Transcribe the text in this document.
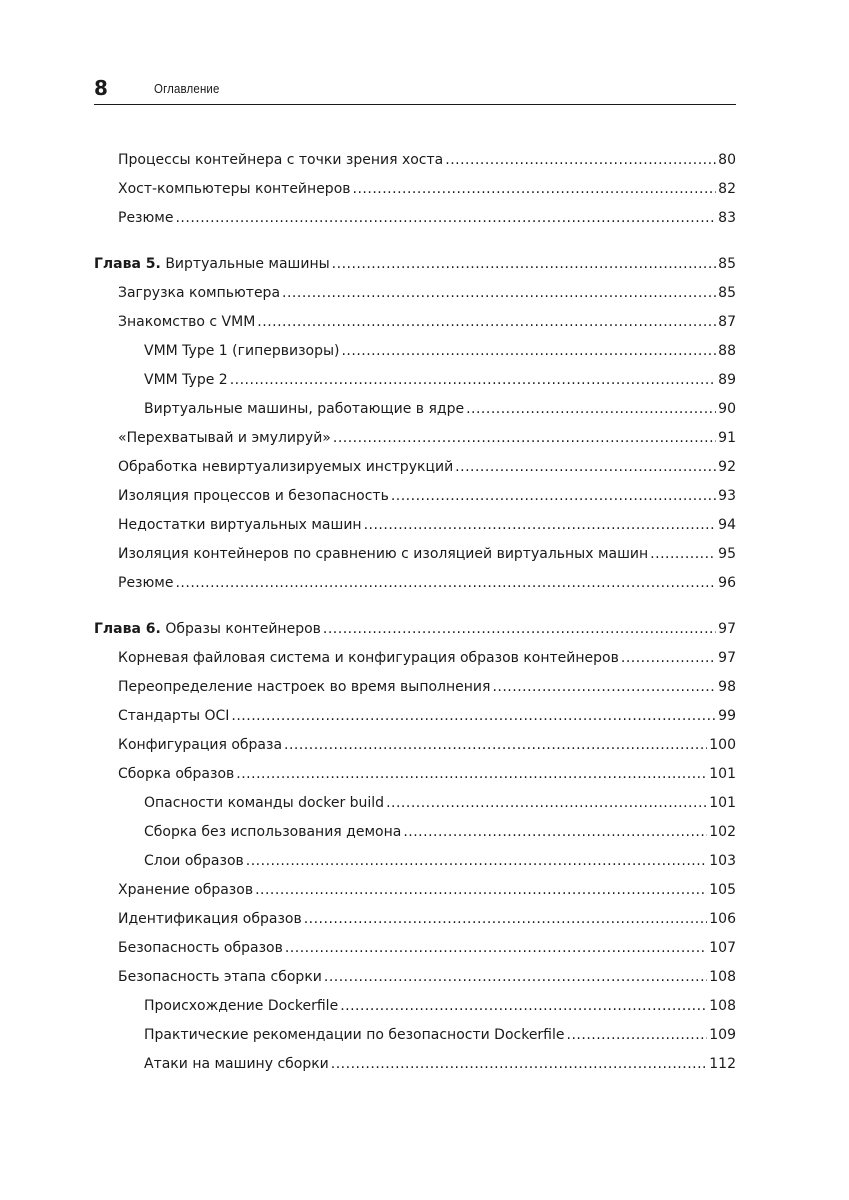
8	Оглавление
Процессы контейнера с точки зрения хоста .....	80
Хост-компьютеры контейнеров .....	82
Резюме .....	83
Глава 5. Виртуальные машины .....	85
Загрузка компьютера .....	85
Знакомство с VMM .....	87
VMM Type 1 (гипервизоры) .....	88
VMM Type 2 .....	89
Виртуальные машины, работающие в ядре .....	90
«Перехватывай и эмулируй» .....	91
Обработка невиртуализируемых инструкций .....	92
Изоляция процессов и безопасность .....	93
Недостатки виртуальных машин .....	94
Изоляция контейнеров по сравнению с изоляцией виртуальных машин .....	95
Резюме .....	96
Глава 6. Образы контейнеров .....	97
Корневая файловая система и конфигурация образов контейнеров .....	97
Переопределение настроек во время выполнения .....	98
Стандарты OCI .....	99
Конфигурация образа .....	100
Сборка образов .....	101
Опасности команды docker build .....	101
Сборка без использования демона .....	102
Слои образов .....	103
Хранение образов .....	105
Идентификация образов .....	106
Безопасность образов .....	107
Безопасность этапа сборки .....	108
Происхождение Dockerfile .....	108
Практические рекомендации по безопасности Dockerfile .....	109
Атаки на машину сборки .....	112
